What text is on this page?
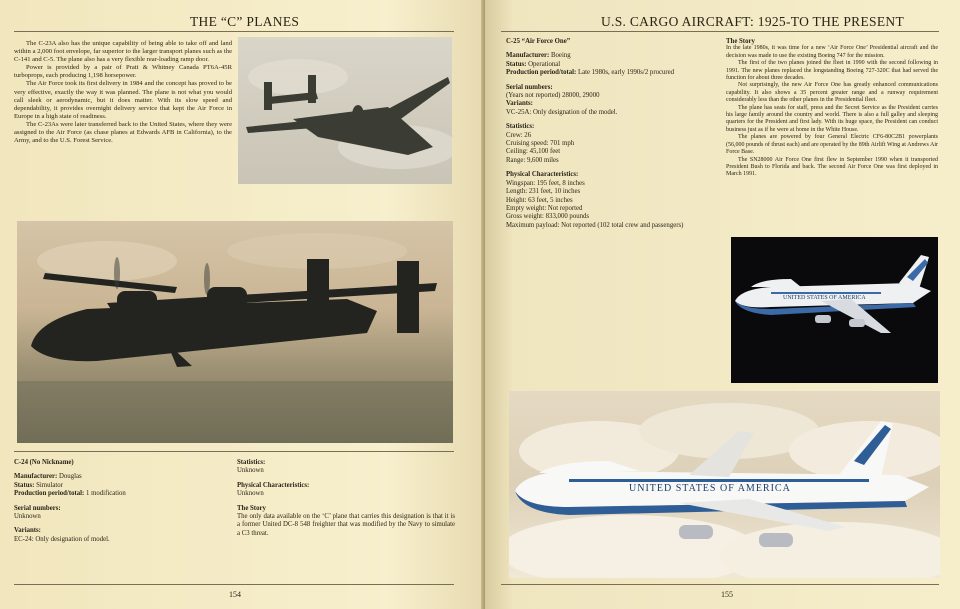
THE “C” PLANES

The C-23A also has the unique capability of being able to take off and land within a 2,000 foot envelope, far superior to the larger transport planes such as the C-141 and C-5. The plane also has a very flexible rear-loading ramp door.

Power is provided by a pair of Pratt & Whitney Canada PT6A-45R turboprops, each producing 1,198 horsepower.

The Air Force took its first delivery in 1984 and the concept has proved to be very effective, exactly the way it was planned. The plane is not what you would call sleek or aerodynamic, but it does matter. With its slow speed and dependability, it provides overnight delivery service that kept the Air Force in Europe in a high state of readiness.

The C-23As were later transferred back to the United States, where they were assigned to the Air Force (as chase planes at Edwards AFB in California), to the Army, and to the U.S. Forest Service.

C-24 (No Nickname)
Manufacturer: Douglas
Status: Simulator
Production period/total: 1 modification
Serial numbers:
Unknown
Variants:
EC-24: Only designation of model.
Statistics:
Unknown
Physical Characteristics:
Unknown
The Story
The only data available on the ‘C’ plane that carries this designation is that it is a former United DC-8 548 freighter that was modified by the Navy to simulate a C3 threat.
154
U.S. CARGO AIRCRAFT: 1925-TO THE PRESENT
C-25 “Air Force One”
Manufacturer: Boeing
Status: Operational
Production period/total: Late 1980s, early 1990s/2 procured
Serial numbers:
(Years not reported) 28000, 29000
Variants:
VC-25A: Only designation of the model.
Statistics:
Crew: 26
Cruising speed: 701 mph
Ceiling: 45,100 feet
Range: 9,600 miles
Physical Characteristics:
Wingspan: 195 feet, 8 inches
Length: 231 feet, 10 inches
Height: 63 feet, 5 inches
Empty weight: Not reported
Gross weight: 833,000 pounds
Maximum payload: Not reported (102 total crew and passengers)
The Story
In the late 1980s, it was time for a new ‘Air Force One’ Presidential aircraft and the decision was made to use the existing Boeing 747 for the mission.

The first of the two planes joined the fleet in 1990 with the second following in 1991. The new planes replaced the longstanding Boeing 727-320C that had served the function for about three decades.

Not surprisingly, the new Air Force One has greatly enhanced communications capability. It also shows a 35 percent greater range and a runway requirement considerably less than the other planes in the Presidential fleet.

The plane has seats for staff, press and the Secret Service as the President carries his large family around the country and world. There is also a full galley and sleeping quarters for the President and first lady. With its huge space, the President can conduct business just as if he were at home in the White House.

The planes are powered by four General Electric CF6-80C2B1 powerplants (56,000 pounds of thrust each) and are operated by the 89th Airlift Wing at Andrews Air Force Base.

The SN28000 Air Force One first flew in September 1990 when it transported President Bush to Florida and back. The second Air Force One was first deployed in March 1991.

UNITED STATES OF AMERICA
UNITED STATES OF AMERICA
155
